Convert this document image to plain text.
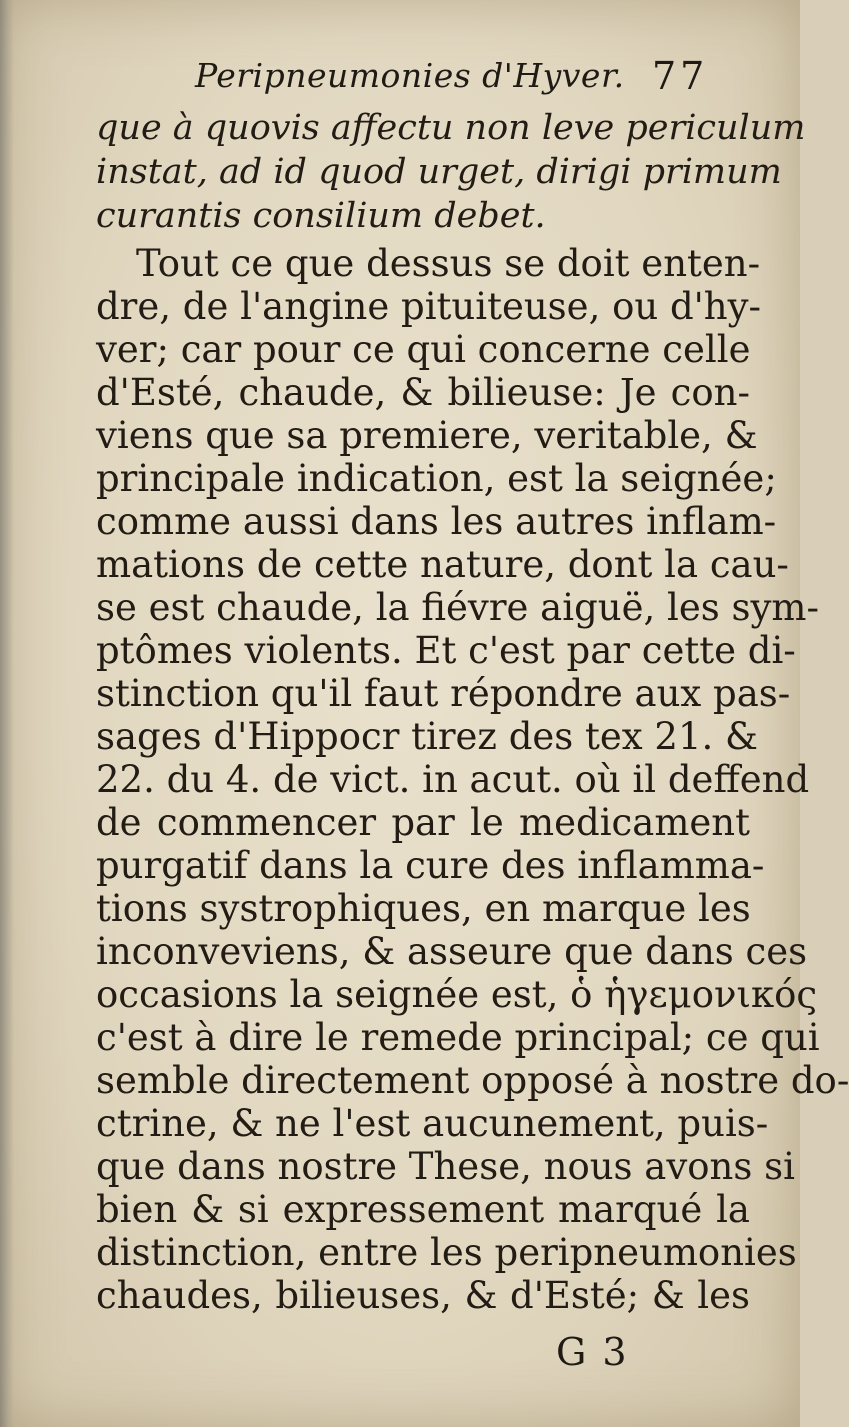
Peripneumonies d'Hyver. 77
que à quovis affectu non leve periculum
instat, ad id quod urget, dirigi primum
curantis consilium debet.
Tout ce que dessus se doit enten-
dre, de l'angine pituiteuse, ou d'hy-
ver; car pour ce qui concerne celle
d'Esté, chaude, & bilieuse: Je con-
viens que sa premiere, veritable, &
principale indication, est la seignée;
comme aussi dans les autres inflam-
mations de cette nature, dont la cau-
se est chaude, la fiévre aiguë, les sym-
ptômes violents. Et c'est par cette di-
stinction qu'il faut répondre aux pas-
sages d'Hippocr tirez des tex 21. &
22. du 4. de vict. in acut. où il deffend
de commencer par le medicament
purgatif dans la cure des inflamma-
tions systrophiques, en marque les
inconveviens, & asseure que dans ces
occasions la seignée est, ὁ ἡγεμονικός
c'est à dire le remede principal; ce qui
semble directement opposé à nostre do-
ctrine, & ne l'est aucunement, puis-
que dans nostre These, nous avons si
bien & si expressement marqué la
distinction, entre les peripneumonies
chaudes, bilieuses, & d'Esté; & les
G 3
